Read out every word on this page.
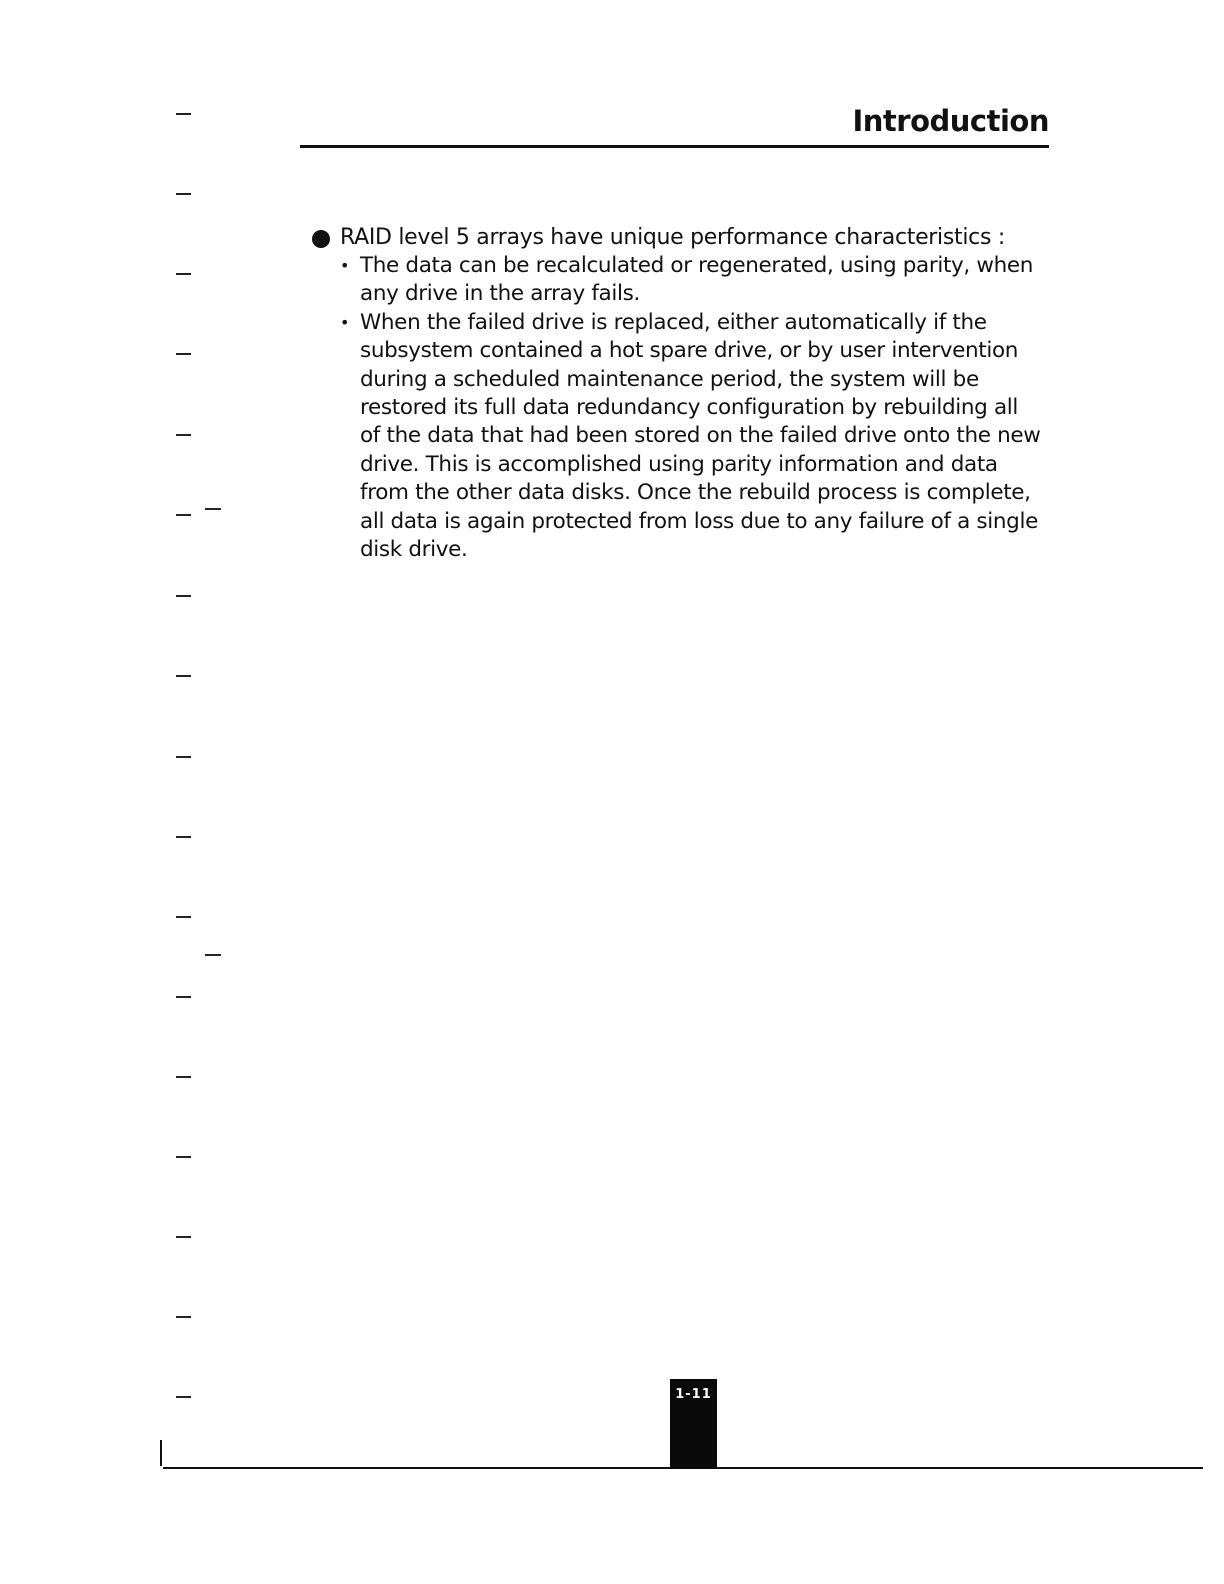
Introduction
RAID level 5 arrays have unique performance characteristics :
• The data can be recalculated or regenerated, using parity, when any drive in the array fails.
• When the failed drive is replaced, either automatically if the subsystem contained a hot spare drive, or by user intervention during a scheduled maintenance period, the system will be restored its full data redundancy configuration by rebuilding all of the data that had been stored on the failed drive onto the new drive. This is accomplished using parity information and data from the other data disks. Once the rebuild process is complete, all data is again protected from loss due to any failure of a single disk drive.
1-11
